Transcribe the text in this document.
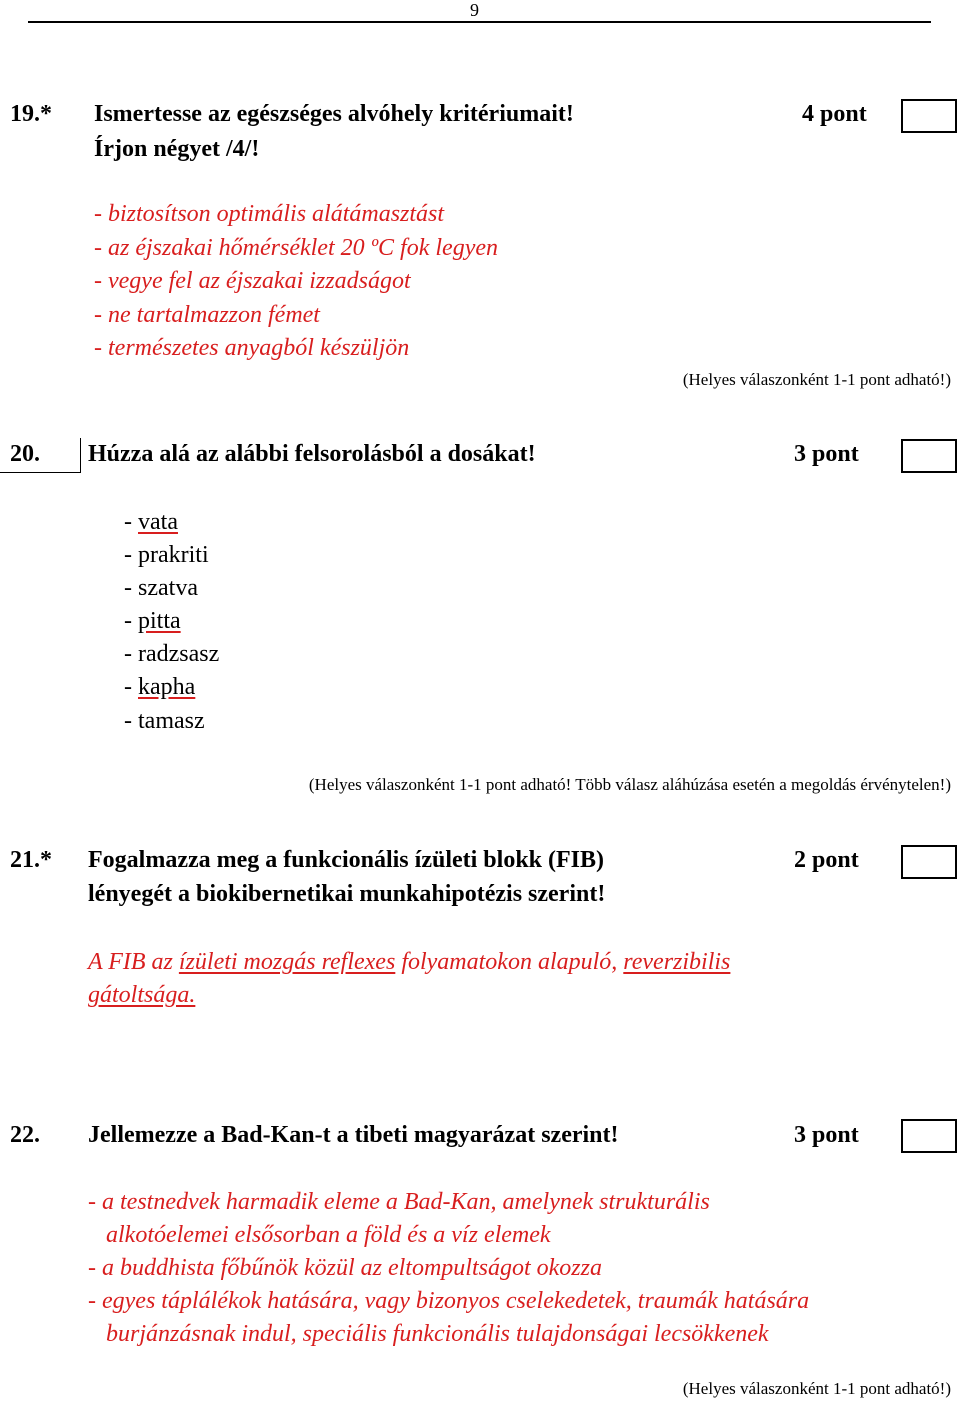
9
19.* Ismertesse az egészséges alvóhely kritériumait!
Írjon négyet /4/!
4 pont
- biztosítson optimális alátámasztást
- az éjszakai hőmérséklet 20 ºC fok legyen
- vegye fel az éjszakai izzadságot
- ne tartalmazzon fémet
- természetes anyagból készüljön
(Helyes válaszonként 1-1 pont adható!)
20. Húzza alá az alábbi felsorolásból a dosákat!	3 pont
- vata
- prakriti
- szatva
- pitta
- radzsasz
- kapha
- tamasz
(Helyes válaszonként 1-1 pont adható! Több válasz aláhúzása esetén a megoldás érvénytelen!)
21.* Fogalmazza meg a funkcionális ízületi blokk (FIB)
lényegét a biokibernetikai munkahipotézis szerint!
2 pont
A FIB az ízületi mozgás reflexes folyamatokon alapuló, reverzibilis
gátoltsága.
22. Jellemezze a Bad-Kan-t a tibeti magyarázat szerint!	3 pont
- a testnedvek harmadik eleme a Bad-Kan, amelynek strukturális
alkotóelemei elsősorban a föld és a víz elemek
- a buddhista főbűnök közül az eltompultságot okozza
- egyes táplálékok hatására, vagy bizonyos cselekedetek, traumák hatására
burjánzásnak indul, speciális funkcionális tulajdonságai lecsökkenek
(Helyes válaszonként 1-1 pont adható!)
